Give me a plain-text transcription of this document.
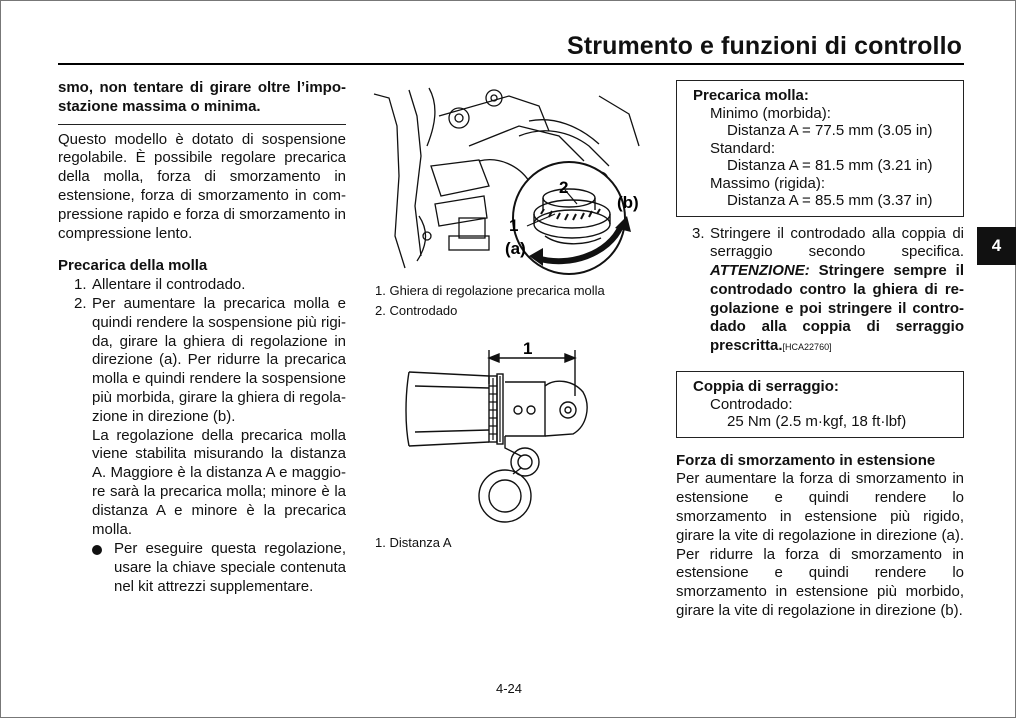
Strumento e funzioni di controllo
4
smo, non tentare di girare oltre l’impostazione massima o minima.
Questo modello è dotato di sospensione regolabile. È possibile regolare precarica della molla, forza di smorzamento in estensione, forza di smorzamento in compressione rapido e forza di smorzamento in compressione lento.
Precarica della molla
1. Allentare il controdado.
2. Per aumentare la precarica molla e quindi rendere la sospensione più rigida, girare la ghiera di regolazione in direzione (a). Per ridurre la precarica molla e quindi rendere la sospensione più morbida, girare la ghiera di regolazione in direzione (b).
La regolazione della precarica molla viene stabilita misurando la distanza A. Maggiore è la distanza A e maggiore sarà la precarica molla; minore è la distanza A e minore è la precarica molla.
Per eseguire questa regolazione, usare la chiave speciale contenuta nel kit attrezzi supplementare.
1
2
(a)
(b)
1. Ghiera di regolazione precarica molla
2. Controdado
1
1. Distanza A
Precarica molla:
Minimo (morbida):
Distanza A = 77.5 mm (3.05 in)
Standard:
Distanza A = 81.5 mm (3.21 in)
Massimo (rigida):
Distanza A = 85.5 mm (3.37 in)
3. Stringere il controdado alla coppia di serraggio secondo specifica. ATTENZIONE: Stringere sempre il controdado contro la ghiera di regolazione e poi stringere il controdado alla coppia di serraggio prescritta.[HCA22760]
Coppia di serraggio:
Controdado:
25 Nm (2.5 m·kgf, 18 ft·lbf)
Forza di smorzamento in estensione
Per aumentare la forza di smorzamento in estensione e quindi rendere lo smorzamento in estensione più rigido, girare la vite di regolazione in direzione (a). Per ridurre la forza di smorzamento in estensione e quindi rendere lo smorzamento in estensione più morbido, girare la vite di regolazione in direzione (b).
4-24
